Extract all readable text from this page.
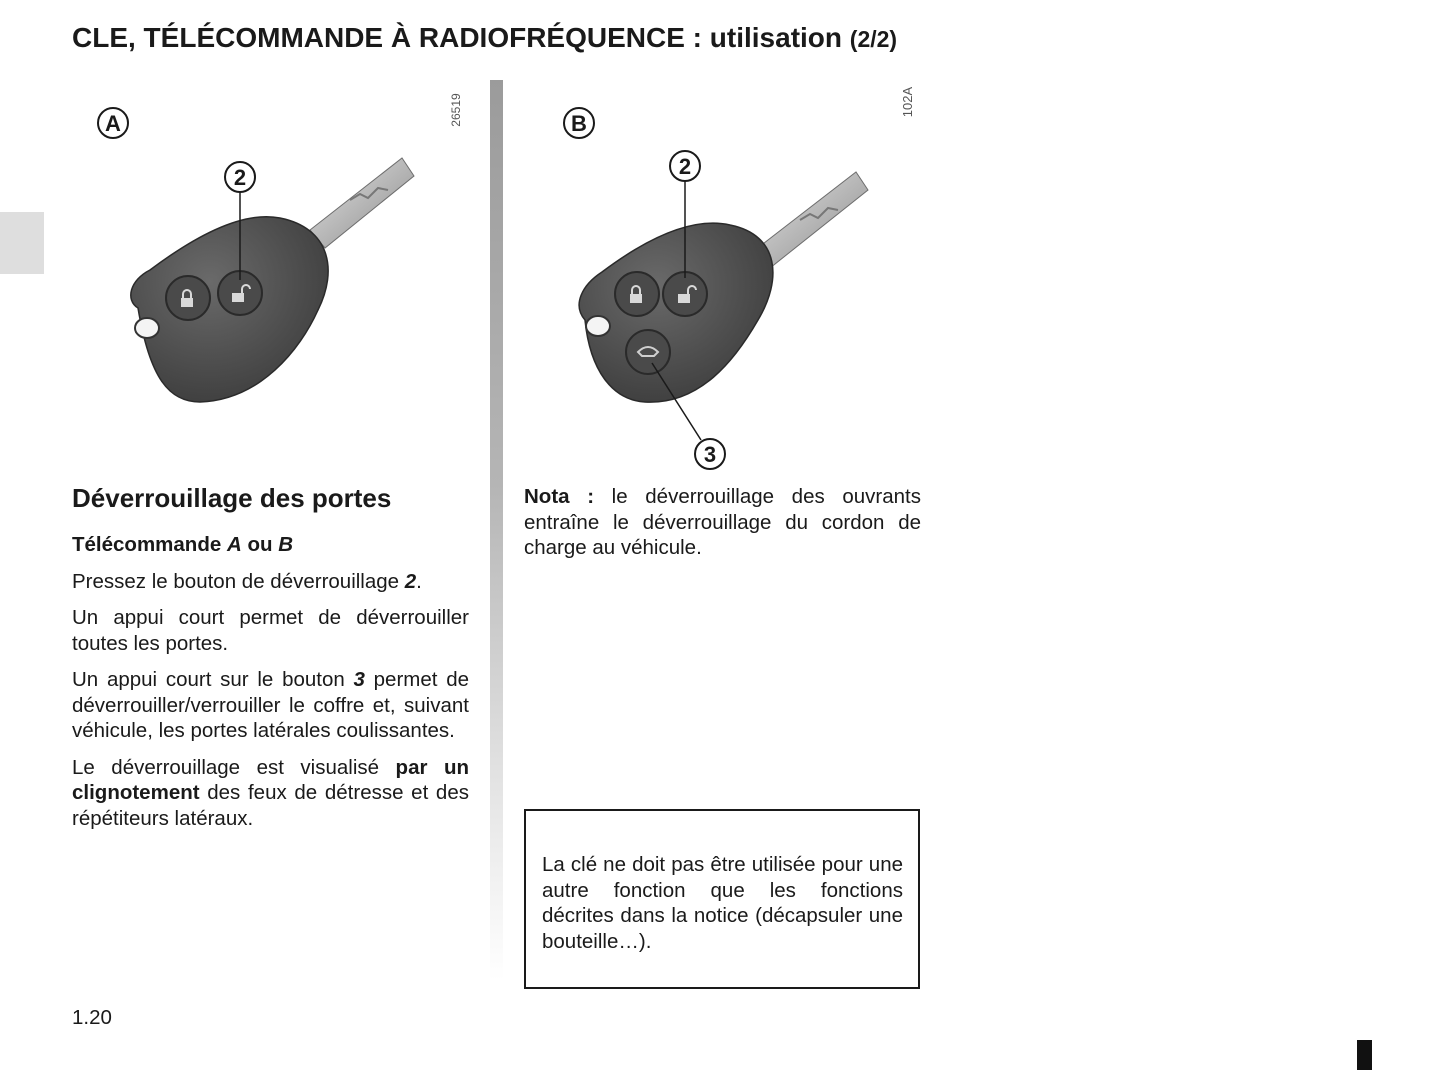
CLE, TÉLÉCOMMANDE À RADIOFRÉQUENCE : utilisation (2/2)
A	26519
2
B
102A
2
3
Déverrouillage des portes

Télécommande A ou B

Pressez le bouton de déverrouillage 2.

Un appui court permet de déverrouiller toutes les portes.

Un appui court sur le bouton 3 permet de déverrouiller/verrouiller le coffre et, suivant véhicule, les portes latérales coulissantes.

Le déverrouillage est visualisé par un clignotement des feux de détresse et des répétiteurs latéraux.

Nota : le déverrouillage des ouvrants entraîne le déverrouillage du cordon de charge au véhicule.

La clé ne doit pas être utilisée pour une autre fonction que les fonctions décrites dans la notice (décapsuler une bouteille…).
1.20
